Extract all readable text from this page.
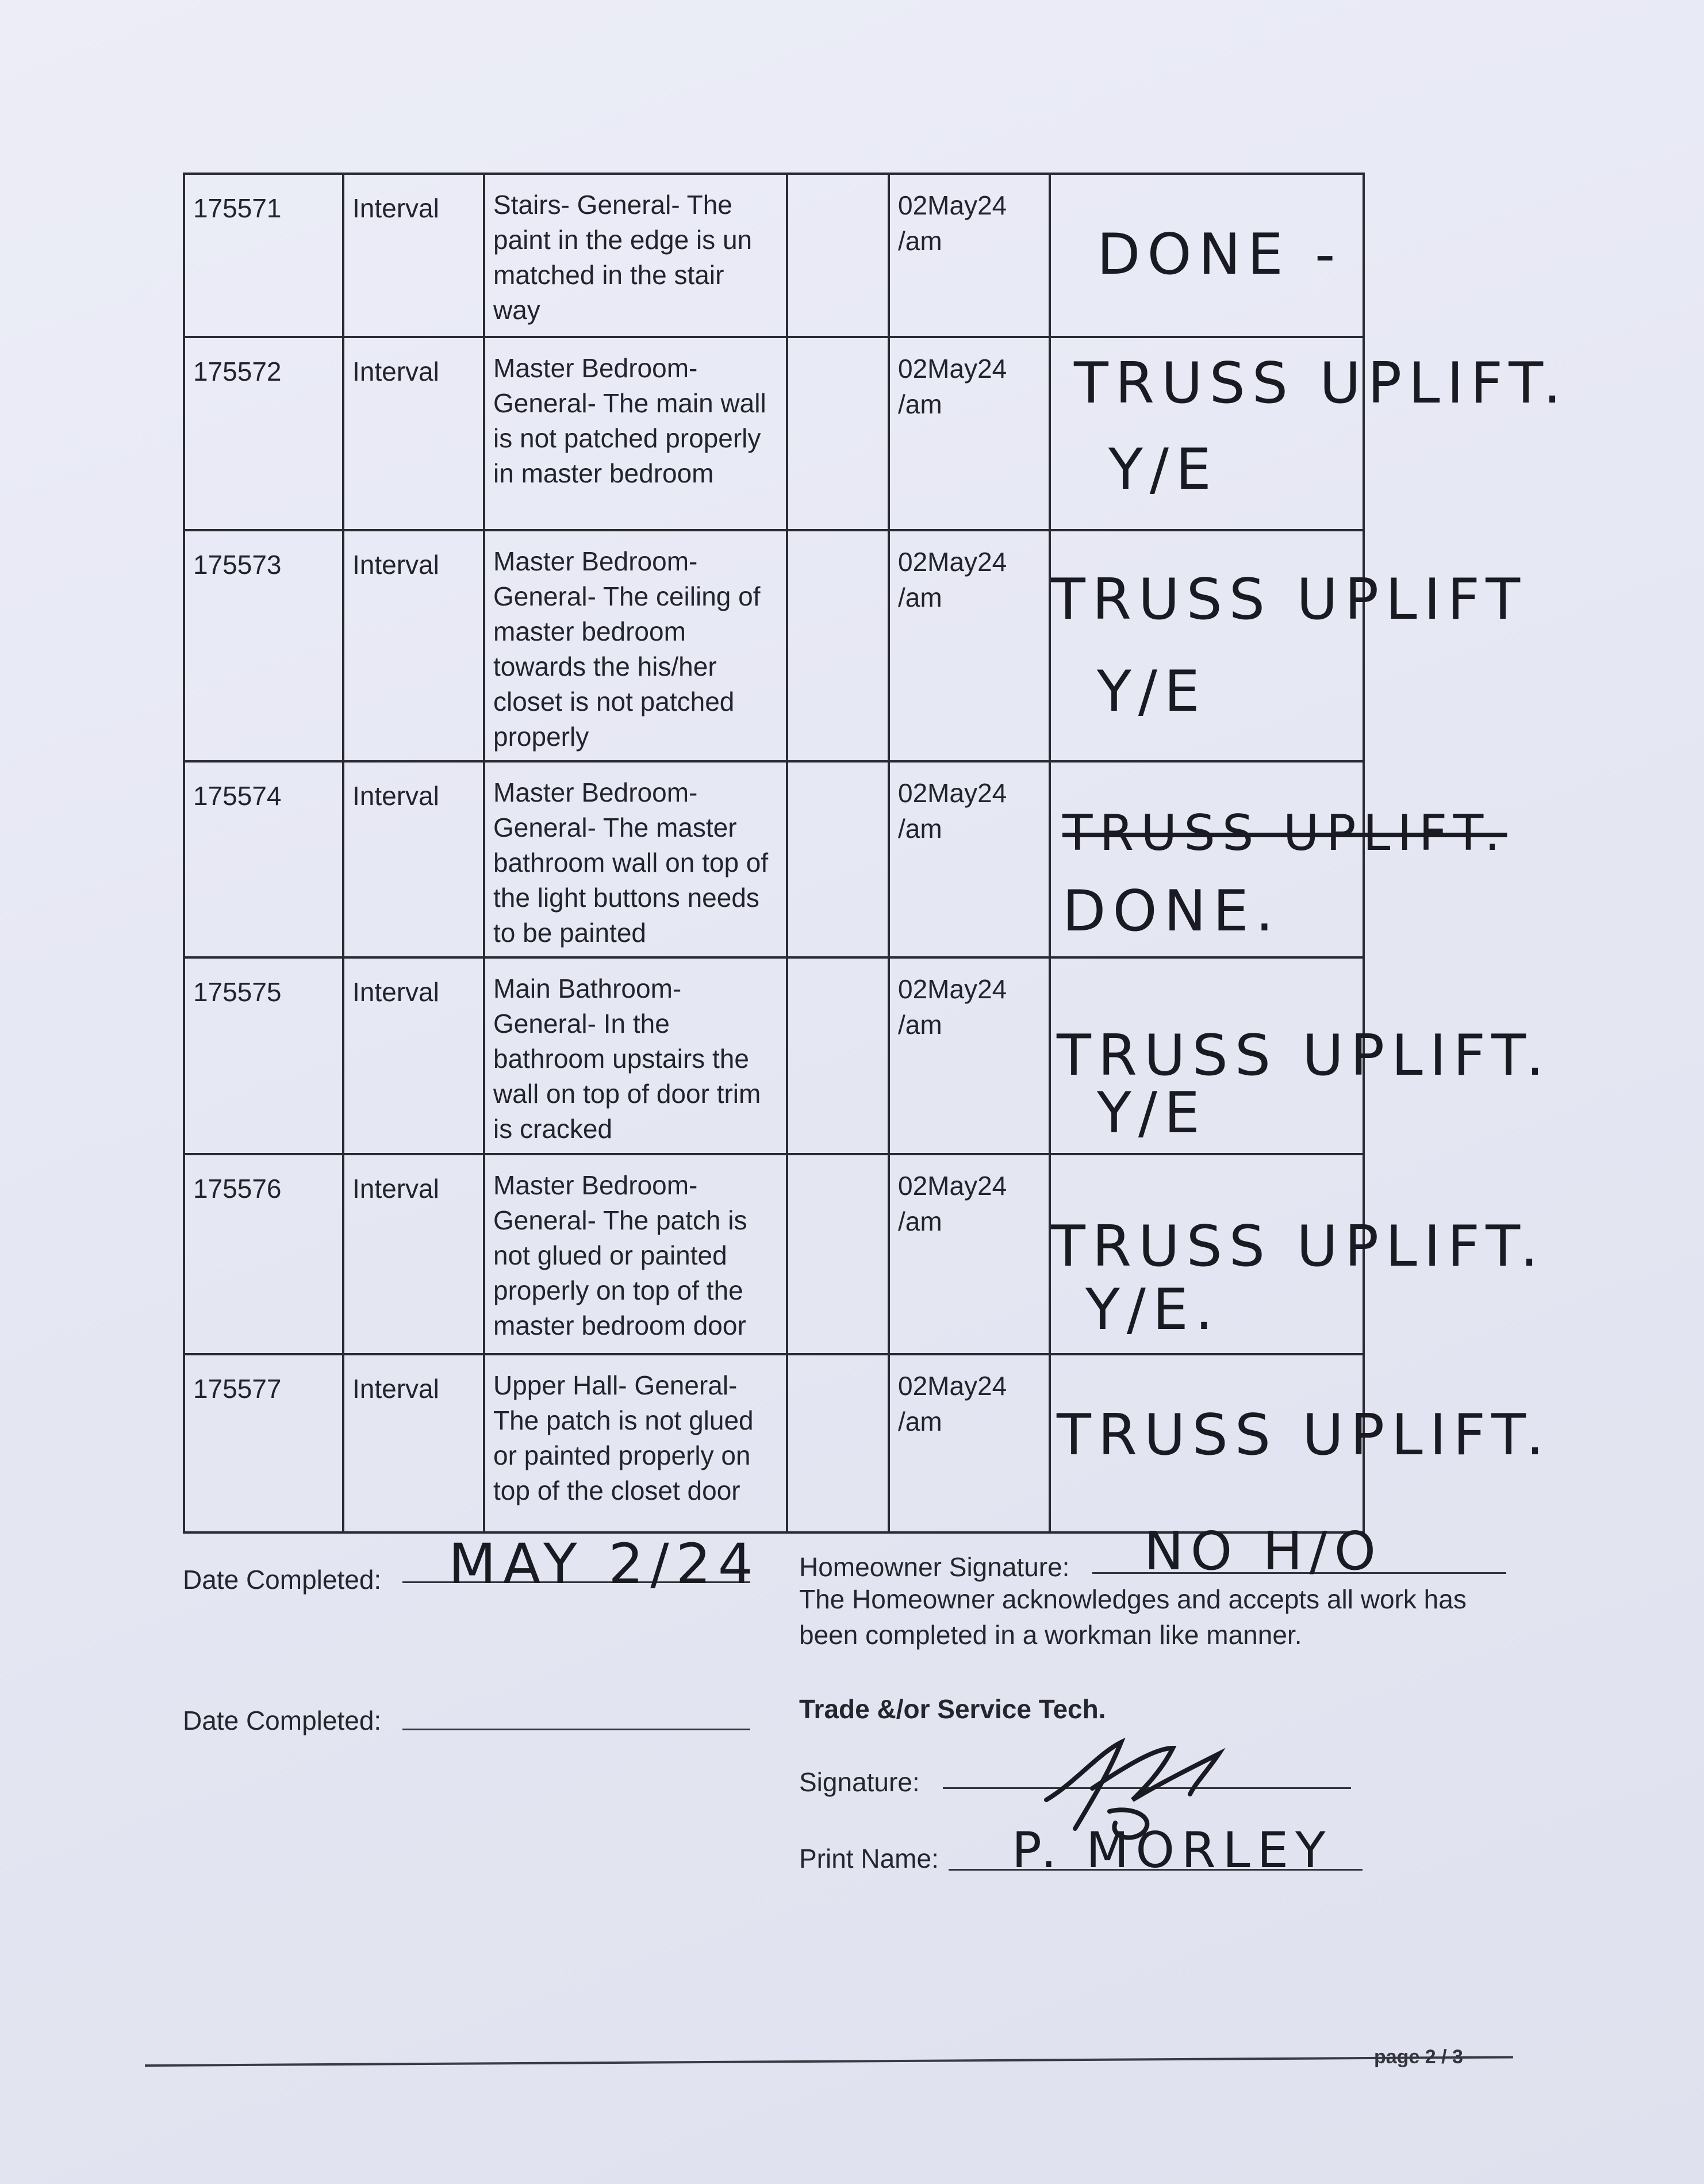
175571	Interval	Stairs- General- The paint in the edge is un matched in the stair way		02May24 /am	DONE -

175572	Interval	Master Bedroom- General- The main wall is not patched properly in master bedroom		02May24 /am	TRUSS UPLIFT.
Y/E

175573	Interval	Master Bedroom- General- The ceiling of master bedroom towards the his/her closet is not patched properly		02May24 /am	TRUSS UPLIFT
Y/E

175574	Interval	Master Bedroom- General- The master bathroom wall on top of the light buttons needs to be painted		02May24 /am	TRUSS UPLIFT.
DONE.

175575	Interval	Main Bathroom- General- In the bathroom upstairs the wall on top of door trim is cracked		02May24 /am	TRUSS UPLIFT.
Y/E

175576	Interval	Master Bedroom- General- The patch is not glued or painted properly on top of the master bedroom door		02May24 /am	TRUSS UPLIFT.
Y/E.

175577	Interval	Upper Hall- General- The patch is not glued or painted properly on top of the closet door		02May24 /am	TRUSS UPLIFT.
Date Completed: MAY 2/24
Date Completed:
Homeowner Signature: NO H/O
The Homeowner acknowledges and accepts all work has been completed in a workman like manner.
Trade &/or Service Tech.
Signature:
Print Name: P. MORLEY
page 2 / 3
